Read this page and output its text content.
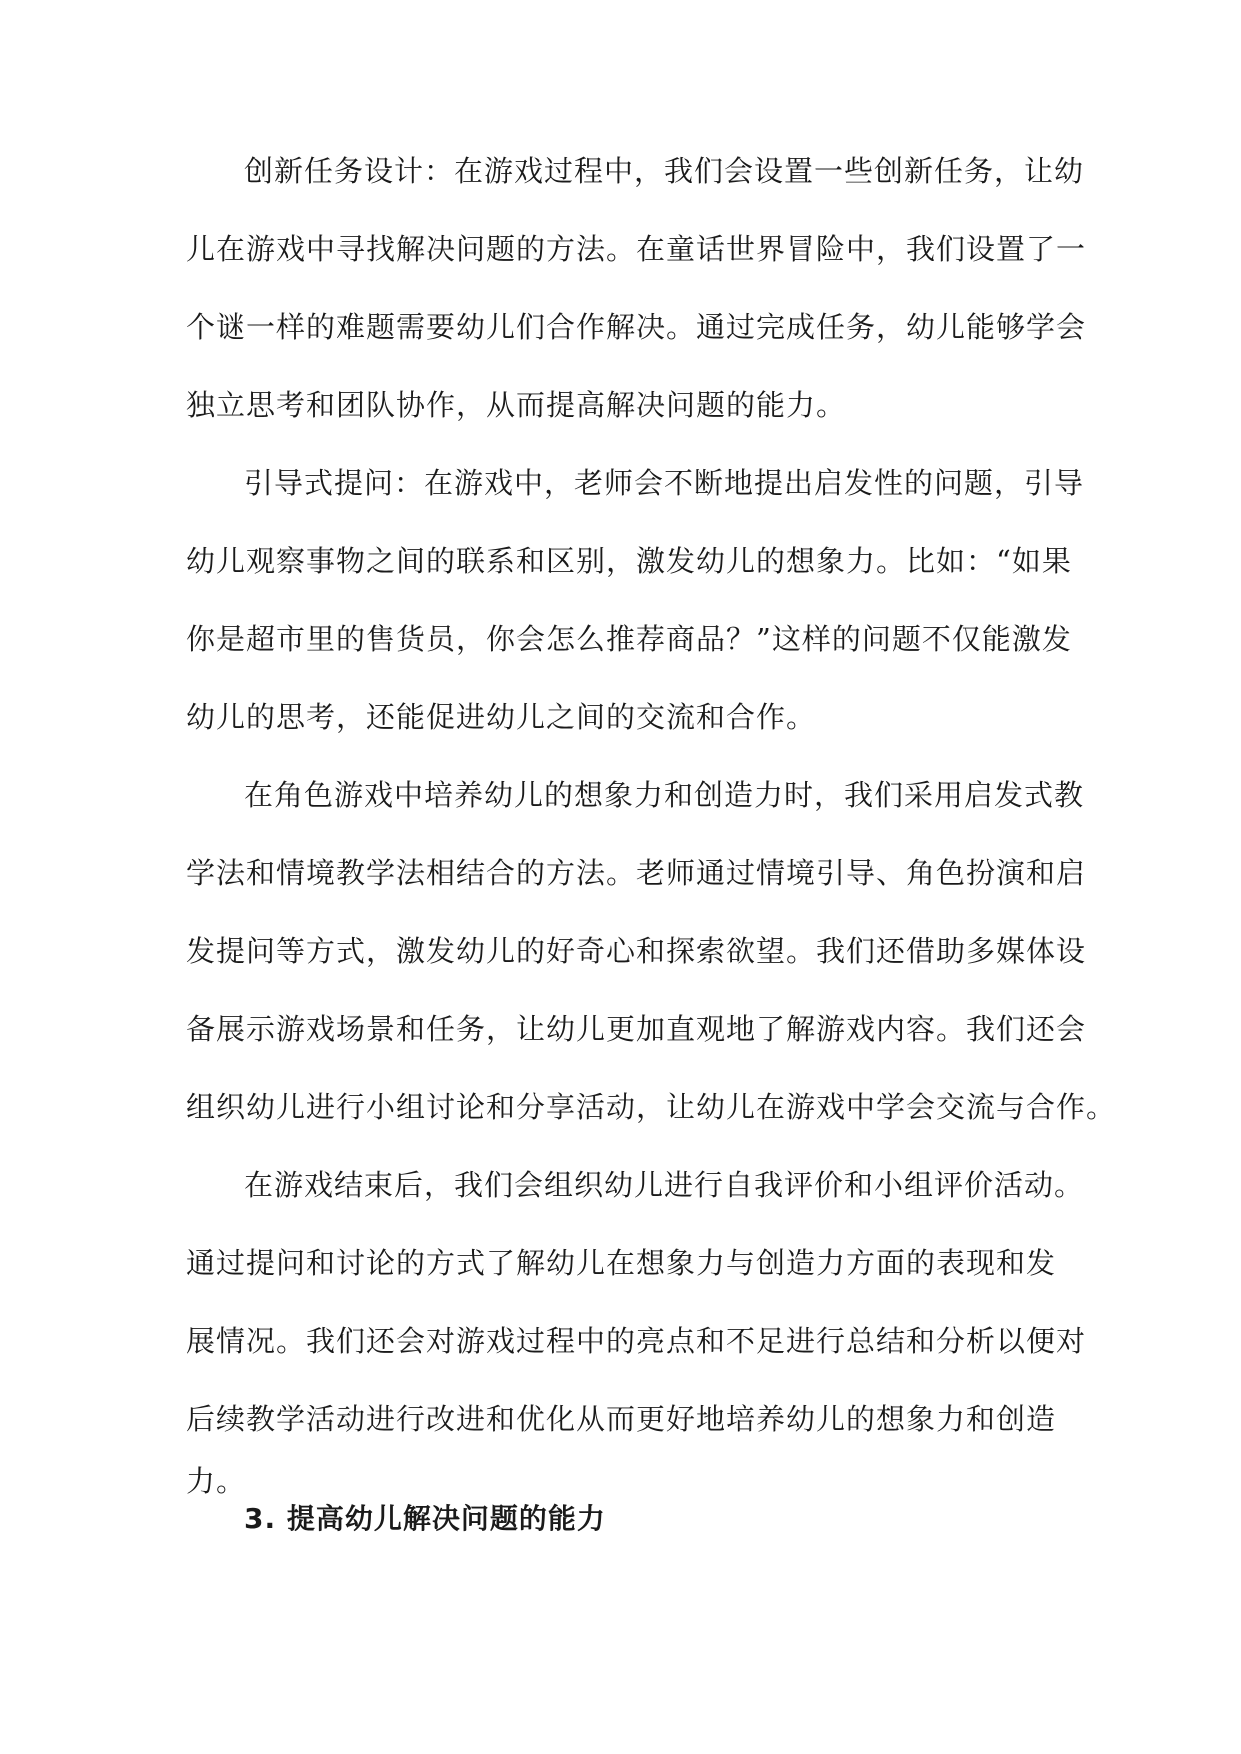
创新任务设计：在游戏过程中，我们会设置一些创新任务，让幼
儿在游戏中寻找解决问题的方法。在童话世界冒险中，我们设置了一
个谜一样的难题需要幼儿们合作解决。通过完成任务，幼儿能够学会
独立思考和团队协作，从而提高解决问题的能力。
引导式提问：在游戏中，老师会不断地提出启发性的问题，引导
幼儿观察事物之间的联系和区别，激发幼儿的想象力。比如：“如果
你是超市里的售货员，你会怎么推荐商品？”这样的问题不仅能激发
幼儿的思考，还能促进幼儿之间的交流和合作。
在角色游戏中培养幼儿的想象力和创造力时，我们采用启发式教
学法和情境教学法相结合的方法。老师通过情境引导、角色扮演和启
发提问等方式，激发幼儿的好奇心和探索欲望。我们还借助多媒体设
备展示游戏场景和任务，让幼儿更加直观地了解游戏内容。我们还会
组织幼儿进行小组讨论和分享活动，让幼儿在游戏中学会交流与合作。
在游戏结束后，我们会组织幼儿进行自我评价和小组评价活动。
通过提问和讨论的方式了解幼儿在想象力与创造力方面的表现和发
展情况。我们还会对游戏过程中的亮点和不足进行总结和分析以便对
后续教学活动进行改进和优化从而更好地培养幼儿的想象力和创造
力。
3. 提高幼儿解决问题的能力
